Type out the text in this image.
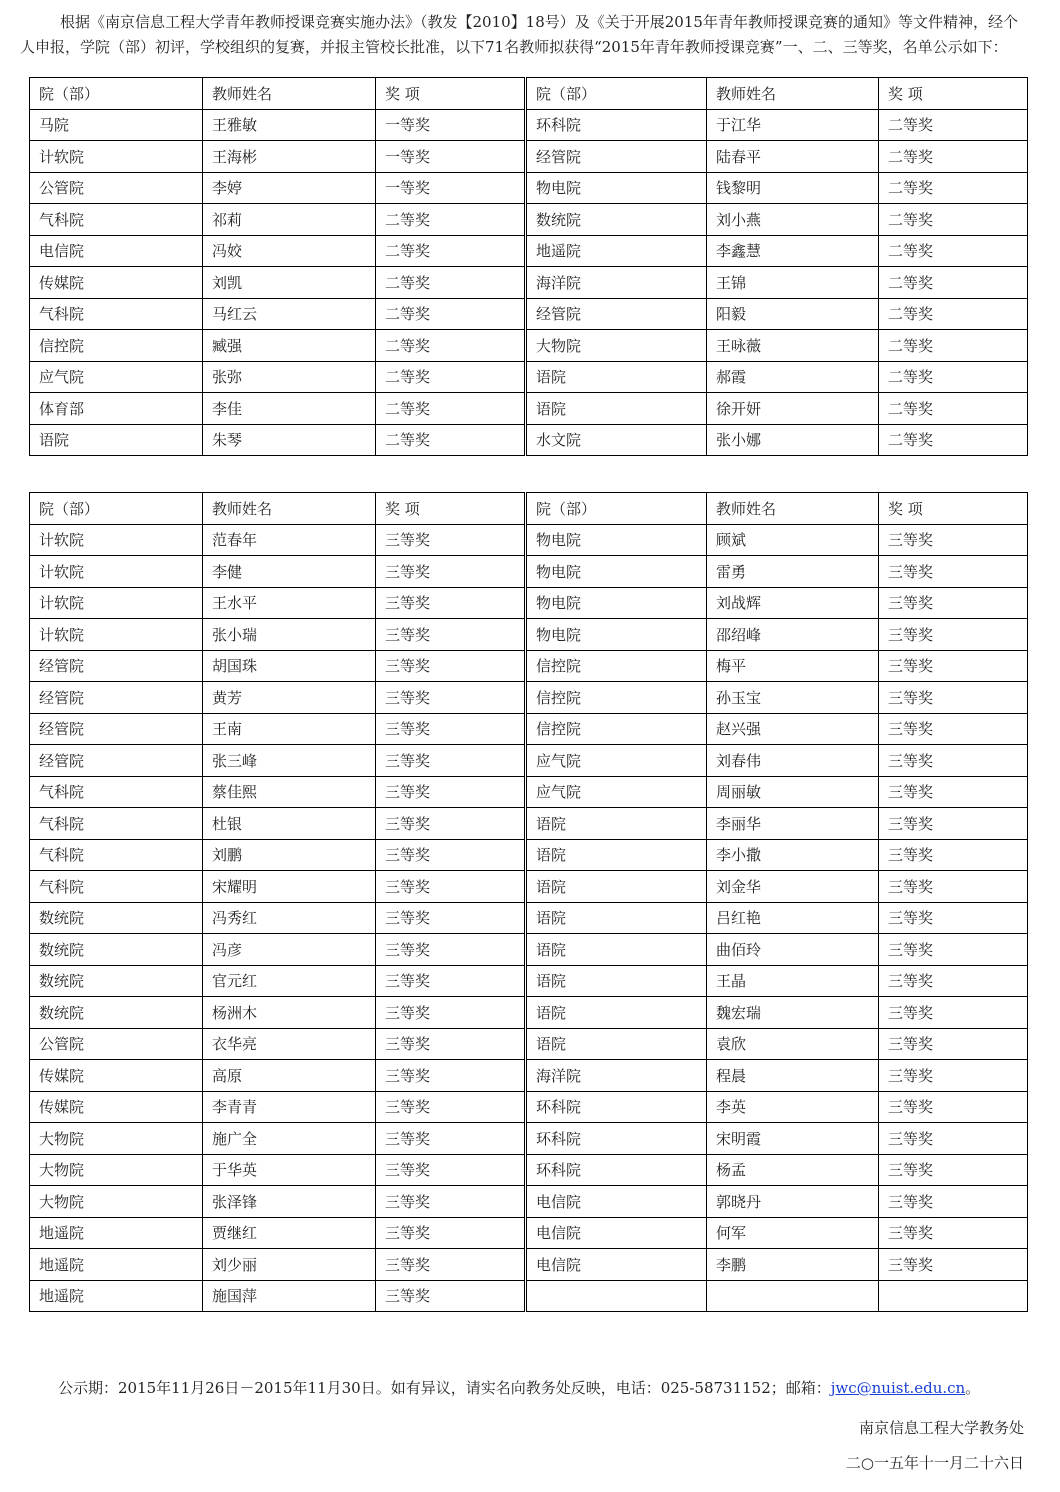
根据《南京信息工程大学青年教师授课竞赛实施办法》（教发【2010】18号）及《关于开展2015年青年教师授课竞赛的通知》等文件精神，经个人申报，学院（部）初评，学校组织的复赛，并报主管校长批准，以下71名教师拟获得“2015年青年教师授课竞赛”一、二、三等奖，名单公示如下：

院（部）	教师姓名	奖 项	院（部）	教师姓名	奖 项
马院	王雅敏	一等奖	环科院	于江华	二等奖
计软院	王海彬	一等奖	经管院	陆春平	二等奖
公管院	李婷	一等奖	物电院	钱黎明	二等奖
气科院	祁莉	二等奖	数统院	刘小燕	二等奖
电信院	冯姣	二等奖	地遥院	李鑫慧	二等奖
传媒院	刘凯	二等奖	海洋院	王锦	二等奖
气科院	马红云	二等奖	经管院	阳毅	二等奖
信控院	臧强	二等奖	大物院	王咏薇	二等奖
应气院	张弥	二等奖	语院	郝霞	二等奖
体育部	李佳	二等奖	语院	徐开妍	二等奖
语院	朱琴	二等奖	水文院	张小娜	二等奖
院（部）	教师姓名	奖 项	院（部）	教师姓名	奖 项
计软院	范春年	三等奖	物电院	顾斌	三等奖
计软院	李健	三等奖	物电院	雷勇	三等奖
计软院	王水平	三等奖	物电院	刘战辉	三等奖
计软院	张小瑞	三等奖	物电院	邵绍峰	三等奖
经管院	胡国珠	三等奖	信控院	梅平	三等奖
经管院	黄芳	三等奖	信控院	孙玉宝	三等奖
经管院	王南	三等奖	信控院	赵兴强	三等奖
经管院	张三峰	三等奖	应气院	刘春伟	三等奖
气科院	蔡佳熙	三等奖	应气院	周丽敏	三等奖
气科院	杜银	三等奖	语院	李丽华	三等奖
气科院	刘鹏	三等奖	语院	李小撒	三等奖
气科院	宋耀明	三等奖	语院	刘金华	三等奖
数统院	冯秀红	三等奖	语院	吕红艳	三等奖
数统院	冯彦	三等奖	语院	曲佰玲	三等奖
数统院	官元红	三等奖	语院	王晶	三等奖
数统院	杨洲木	三等奖	语院	魏宏瑞	三等奖
公管院	衣华亮	三等奖	语院	袁欣	三等奖
传媒院	高原	三等奖	海洋院	程晨	三等奖
传媒院	李青青	三等奖	环科院	李英	三等奖
大物院	施广全	三等奖	环科院	宋明霞	三等奖
大物院	于华英	三等奖	环科院	杨孟	三等奖
大物院	张泽锋	三等奖	电信院	郭晓丹	三等奖
地遥院	贾继红	三等奖	电信院	何军	三等奖
地遥院	刘少丽	三等奖	电信院	李鹏	三等奖
地遥院	施国萍	三等奖			

公示期：2015年11月26日－2015年11月30日。如有异议，请实名向教务处反映，电话：025-58731152；邮箱：jwc@nuist.edu.cn。

南京信息工程大学教务处

二○一五年十一月二十六日
